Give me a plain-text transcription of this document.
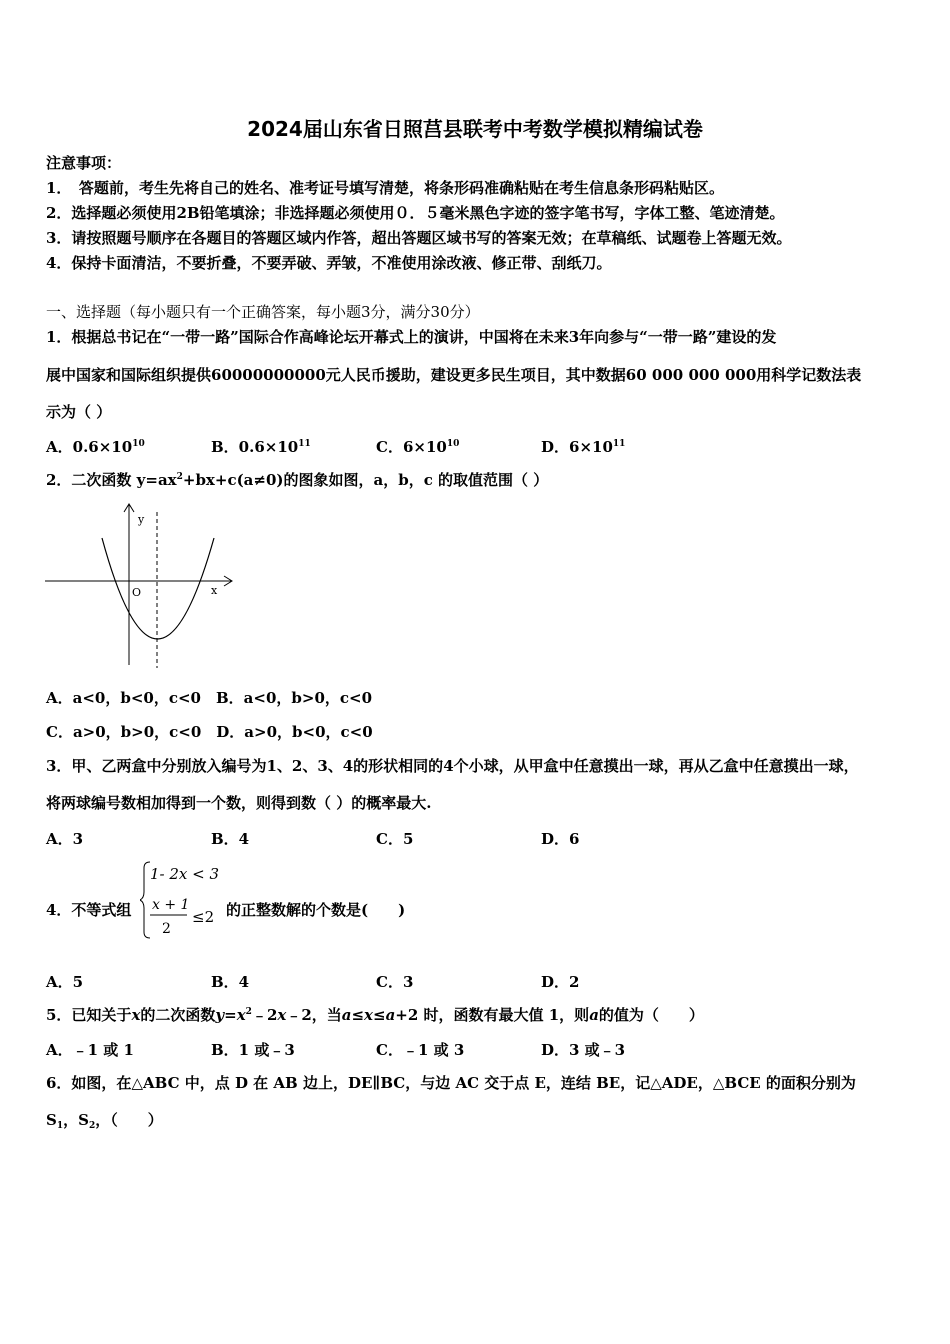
2024届山东省日照莒县联考中考数学模拟精编试卷
注意事项：
1．　答题前，考生先将自己的姓名、准考证号填写清楚，将条形码准确粘贴在考生信息条形码粘贴区。
2．选择题必须使用2B铅笔填涂；非选择题必须使用０．５毫米黑色字迹的签字笔书写，字体工整、笔迹清楚。
3．请按照题号顺序在各题目的答题区域内作答，超出答题区域书写的答案无效；在草稿纸、试题卷上答题无效。
4．保持卡面清洁，不要折叠，不要弄破、弄皱，不准使用涂改液、修正带、刮纸刀。
一、选择题（每小题只有一个正确答案，每小题3分，满分30分）
1．根据总书记在“一带一路”国际合作高峰论坛开幕式上的演讲，中国将在未来3年向参与“一带一路”建设的发
展中国家和国际组织提供60000000000元人民币援助，建设更多民生项目，其中数据60 000 000 000用科学记数法表
示为（ ）
A．$0.6\times 10^{10}$	B．$0.6\times 10^{11}$	C．$6\times 10^{10}$	D．$6\times 10^{11}$
2．二次函数 $y=ax^2+bx+c(a\ne 0)$的图象如图，a，b，c 的取值范围（ ）
y
x
O
A．a<0，b<0，c<0　B．a<0，b>0，c<0
C．a>0，b>0，c<0　D．a>0，b<0，c<0
3．甲、乙两盒中分别放入编号为1、2、3、4的形状相同的4个小球，从甲盒中任意摸出一球，再从乙盒中任意摸出一球，
将两球编号数相加得到一个数，则得到数（ ）的概率最大.
A．3	B．4	C．5	D．6
4．不等式组
1- 2x < 3
x + 1
2
≤2 的正整数解的个数是(　　)
A．5	B．4	C．3	D．2
5．已知关于x的二次函数$y=x^2﹣2x﹣2$，当a≤x≤a+2 时，函数有最大值 1，则a的值为（　　）
A．﹣1 或 1	B．1 或﹣3	C．﹣1 或 3	D．3 或﹣3
6．如图，在△ABC 中，点 D 在 AB 边上，DE∥BC，与边 AC 交于点 E，连结 BE，记△ADE，△BCE 的面积分别为
$S_1$，$S_2$，（　　）
